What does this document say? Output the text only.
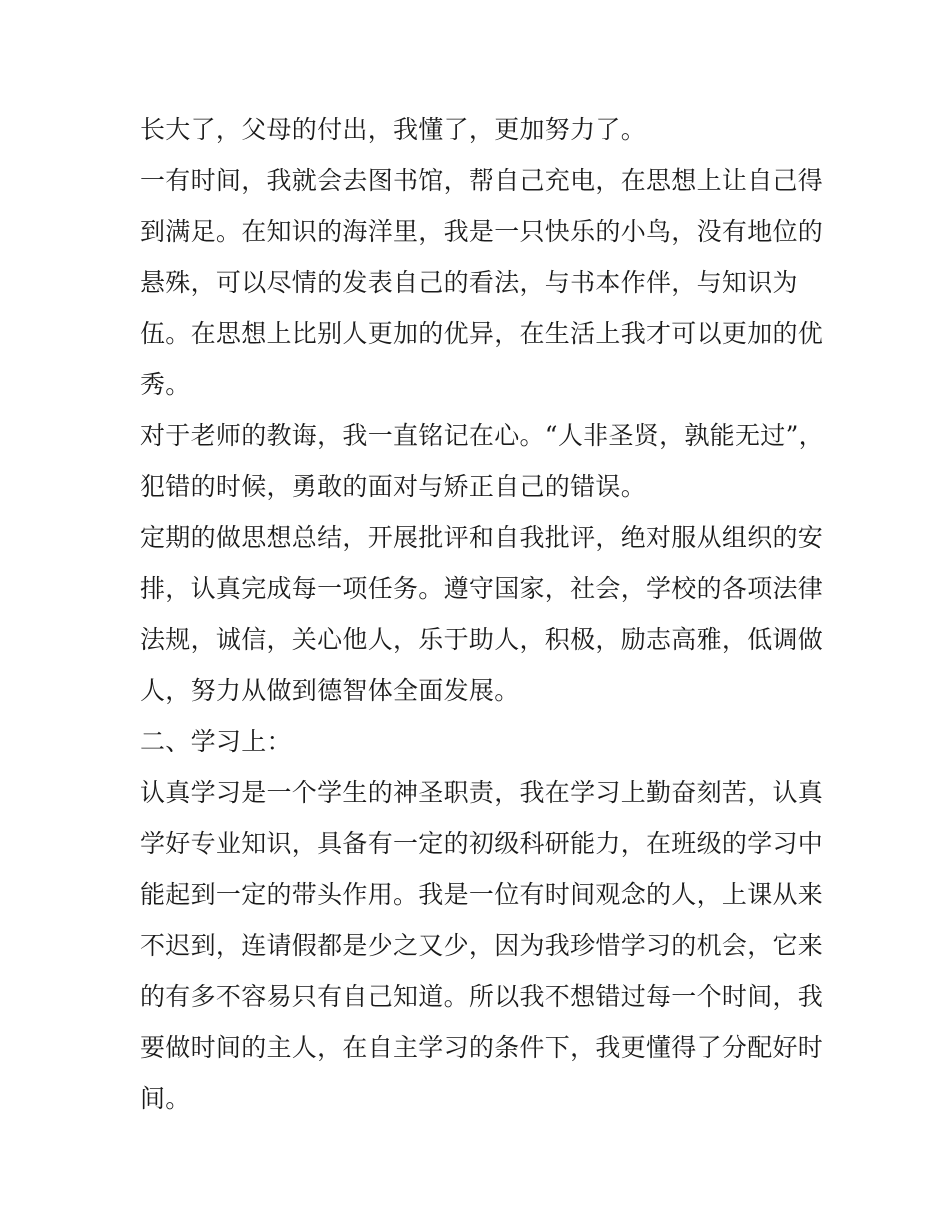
长大了，父母的付出，我懂了，更加努力了。
一有时间，我就会去图书馆，帮自己充电，在思想上让自己得
到满足。在知识的海洋里，我是一只快乐的小鸟，没有地位的
悬殊，可以尽情的发表自己的看法，与书本作伴，与知识为
伍。在思想上比别人更加的优异，在生活上我才可以更加的优
秀。
对于老师的教诲，我一直铭记在心。“人非圣贤，孰能无过”，
犯错的时候，勇敢的面对与矫正自己的错误。
定期的做思想总结，开展批评和自我批评，绝对服从组织的安
排，认真完成每一项任务。遵守国家，社会，学校的各项法律
法规，诚信，关心他人，乐于助人，积极，励志高雅，低调做
人，努力从做到德智体全面发展。
二、学习上：
认真学习是一个学生的神圣职责，我在学习上勤奋刻苦，认真
学好专业知识，具备有一定的初级科研能力，在班级的学习中
能起到一定的带头作用。我是一位有时间观念的人，上课从来
不迟到，连请假都是少之又少，因为我珍惜学习的机会，它来
的有多不容易只有自己知道。所以我不想错过每一个时间，我
要做时间的主人，在自主学习的条件下，我更懂得了分配好时
间。
